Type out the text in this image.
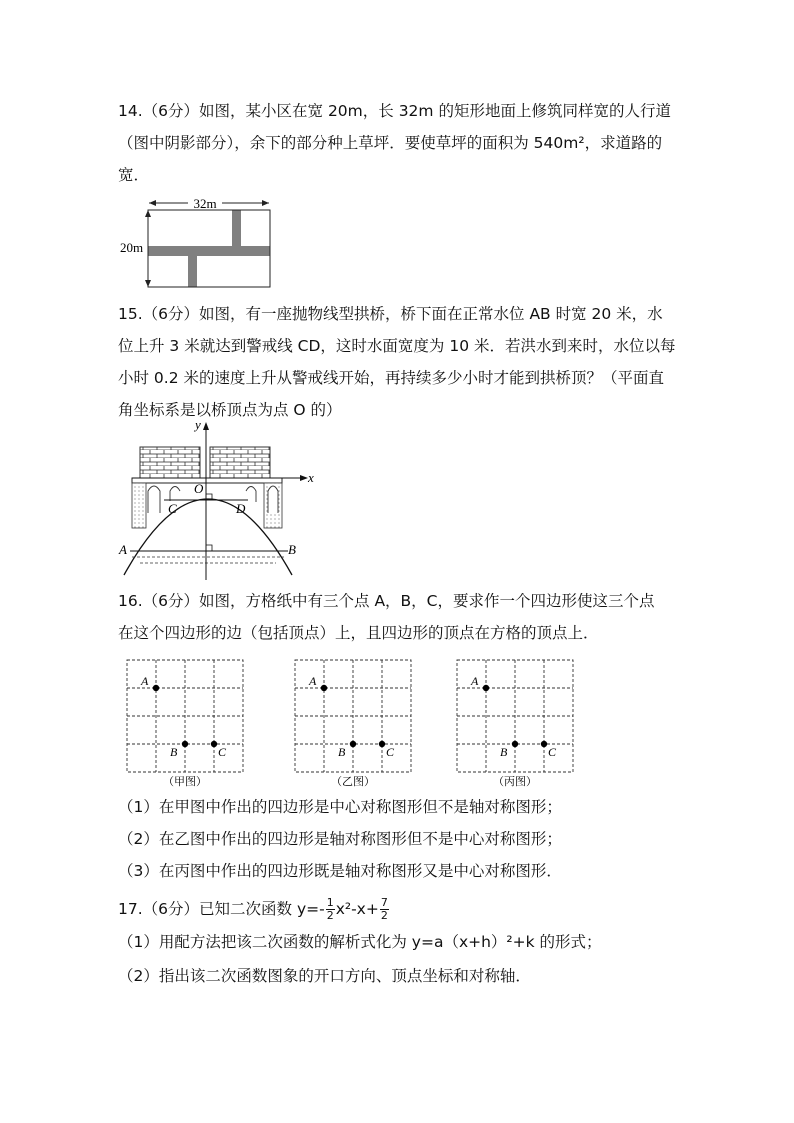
14.（6分）如图，某小区在宽 20m，长 32m 的矩形地面上修筑同样宽的人行道
（图中阴影部分），余下的部分种上草坪．要使草坪的面积为 540m²，求道路的
宽．
32m
20m
15.（6分）如图，有一座抛物线型拱桥，桥下面在正常水位 AB 时宽 20 米，水
位上升 3 米就达到警戒线 CD，这时水面宽度为 10 米．若洪水到来时，水位以每
小时 0.2 米的速度上升从警戒线开始，再持续多少小时才能到拱桥顶？（平面直
角坐标系是以桥顶点为点 O 的）
y
x
O
C	D
A	B
16.（6分）如图，方格纸中有三个点 A，B，C，要求作一个四边形使这三个点
在这个四边形的边（包括顶点）上，且四边形的顶点在方格的顶点上．
A
B	C
（甲图）
A
B	C
（乙图）
A
B	C
（丙图）
（1）在甲图中作出的四边形是中心对称图形但不是轴对称图形；
（2）在乙图中作出的四边形是轴对称图形但不是中心对称图形；
（3）在丙图中作出的四边形既是轴对称图形又是中心对称图形．
17.（6分）已知二次函数 $y=- \frac{1}{2} x^2-x+ \frac{7}{2}$
（1）用配方法把该二次函数的解析式化为 y=a（x+h）²+k 的形式；
（2）指出该二次函数图象的开口方向、顶点坐标和对称轴．
